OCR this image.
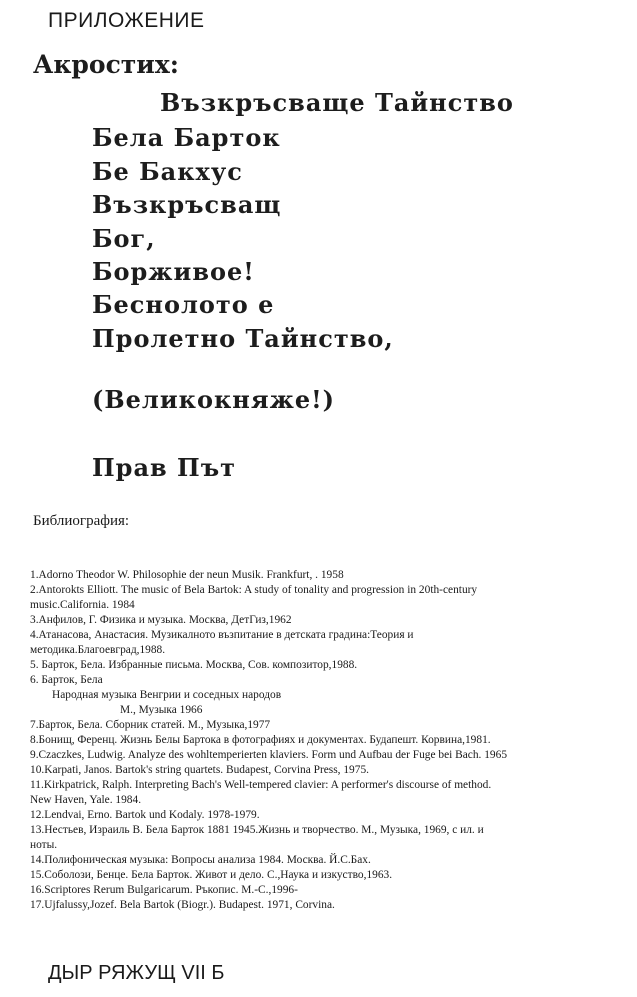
ПРИЛОЖЕНИЕ
Акростих:
Възкръсваще Тайнство
Бела Барток
Бе Бакхус
Възкръсващ
Бог,
Борживое!
Беснолото е
Пролетно Тайнство,
(Великокняже!)
Прав Път
Библиография:
1.Adorno Theodor W. Philosophie der neun Musik. Frankfurt, . 1958
2.Antorokts Elliott. The music of Bela Bartok: A study of tonality and progression in 20th-century
music.California. 1984
3.Анфилов, Г. Физика и музыка. Москва, ДетГиз,1962
4.Атанасова, Анастасия. Музикалното възпитание в детската градина:Теория и
методика.Благоевград,1988.
5. Барток, Бела. Избранные письма. Москва, Сов. композитор,1988.
6. Барток, Бела
Народная музыка Венгрии и соседных народов
М., Музыка 1966
7.Барток, Бела. Сборник статей. М., Музыка,1977
8.Бонищ, Ференц. Жизнь Белы Бартока в фотографиях и документах. Будапешт. Корвина,1981.
9.Czaczkes, Ludwig. Analyze des wohltemperierten klaviers. Form und Aufbau der Fuge bei Bach. 1965
10.Karpati, Janos. Bartok's string quartets. Budapest, Corvina Press, 1975.
11.Kirkpatrick, Ralph. Interpreting Bach's Well-tempered clavier: A performer's discourse of method.
New Haven, Yale. 1984.
12.Lendvai, Erno. Bartok und Kodaly. 1978-1979.
13.Нестьев, Израиль В. Бела Барток 1881 1945.Жизнь и творчество. М., Музыка, 1969, с ил. и
ноты.
14.Полифоническая музыка: Вопросы анализа 1984. Москва. Й.С.Бах.
15.Соболози, Бенце. Бела Барток. Живот и дело. С.,Наука и изкуство,1963.
16.Scriptores Rerum Bulgaricarum. Ръкопис. М.-С.,1996-
17.Ujfalussy,Jozef. Bela Bartok (Biogr.). Budapest. 1971, Corvina.
ДЫР РЯЖУЩ VII Б
